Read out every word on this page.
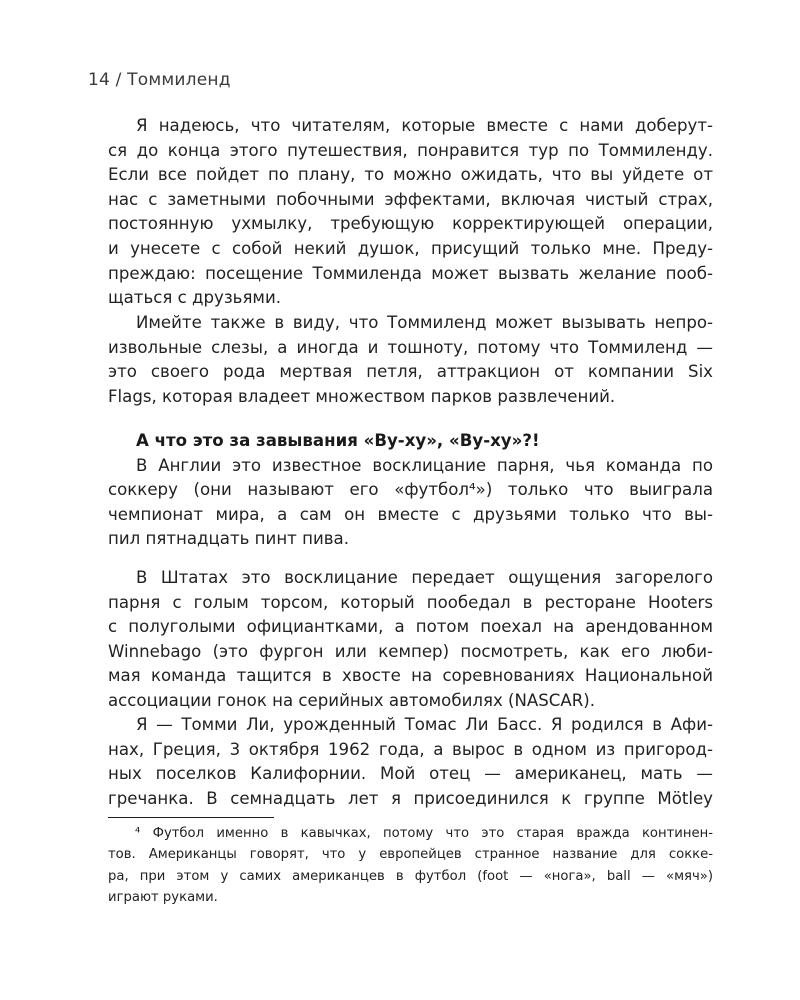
14 / Томмиленд
Я надеюсь, что читателям, которые вместе с нами доберут-
ся до конца этого путешествия, понравится тур по Томмиленду.
Если все пойдет по плану, то можно ожидать, что вы уйдете от
нас с заметными побочными эффектами, включая чистый страх,
постоянную ухмылку, требующую корректирующей операции,
и унесете с собой некий душок, присущий только мне. Преду-
преждаю: посещение Томмиленда может вызвать желание пооб-
щаться с друзьями.
Имейте также в виду, что Томмиленд может вызывать непро-
извольные слезы, а иногда и тошноту, потому что Томмиленд —
это своего рода мертвая петля, аттракцион от компании Six
Flags, которая владеет множеством парков развлечений.
А что это за завывания «Ву-ху», «Ву-ху»?!
В Англии это известное восклицание парня, чья команда по
соккеру (они называют его «футбол⁴») только что выиграла
чемпионат мира, а сам он вместе с друзьями только что вы-
пил пятнадцать пинт пива.
В Штатах это восклицание передает ощущения загорелого
парня с голым торсом, который пообедал в ресторане Hooters
с полуголыми официантками, а потом поехал на арендованном
Winnebago (это фургон или кемпер) посмотреть, как его люби-
мая команда тащится в хвосте на соревнованиях Национальной
ассоциации гонок на серийных автомобилях (NASCAR).
Я — Томми Ли, урожденный Томас Ли Басс. Я родился в Афи-
нах, Греция, 3 октября 1962 года, а вырос в одном из пригород-
ных поселков Калифорнии. Мой отец — американец, мать —
гречанка. В семнадцать лет я присоединился к группе Mötley
⁴ Футбол именно в кавычках, потому что это старая вражда континен-
тов. Американцы говорят, что у европейцев странное название для соккe-
ра, при этом у самих американцев в футбол (foot — «нога», ball — «мяч»)
играют руками.
